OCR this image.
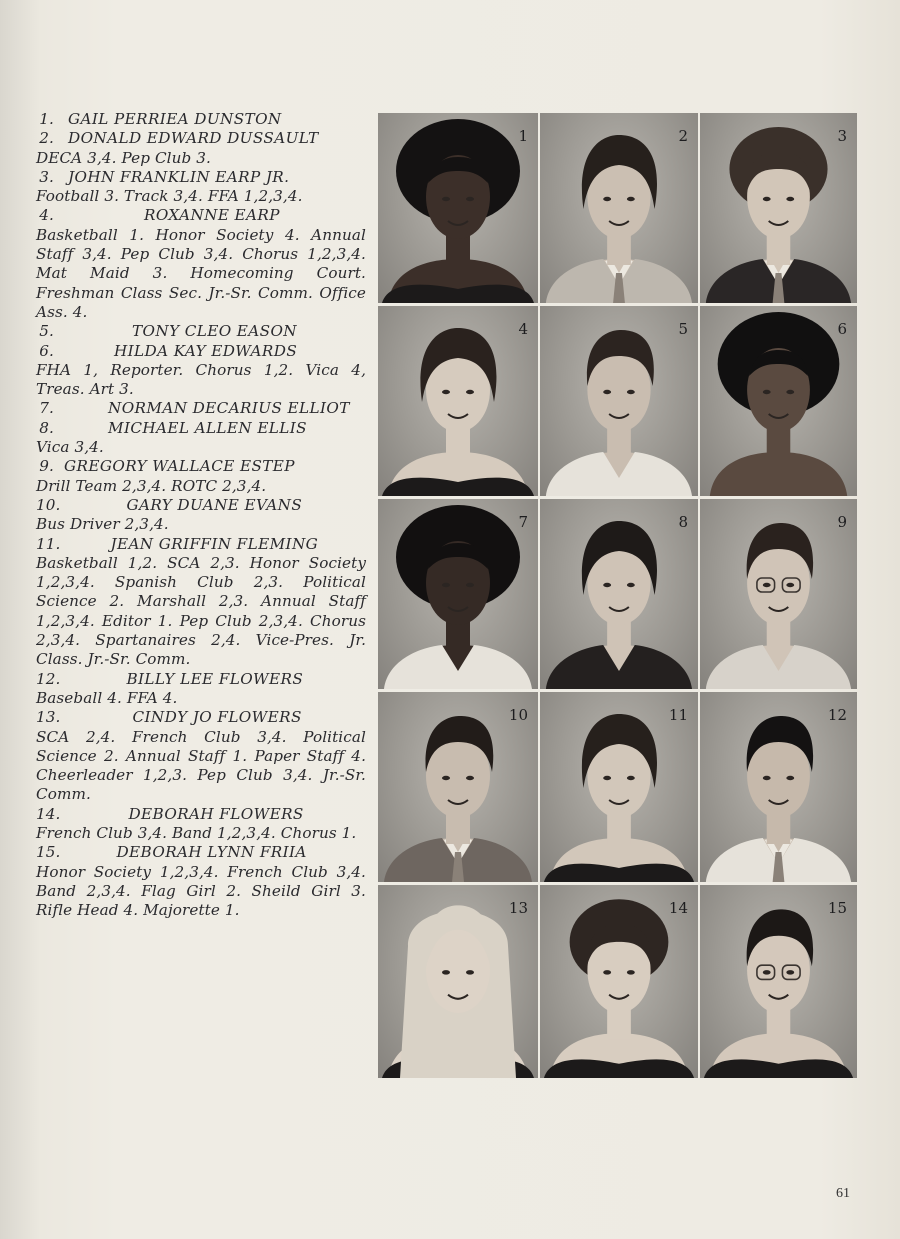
1. GAIL PERRIEA DUNSTON
2. DONALD EDWARD DUSSAULT
DECA 3,4. Pep Club 3.
3. JOHN FRANKLIN EARP JR.
Football 3. Track 3,4. FFA 1,2,3,4.
4.	ROXANNE EARP
Basketball 1. Honor Society 4. Annual Staff 3,4. Pep Club 3,4. Chorus 1,2,3,4. Mat Maid 3. Homecoming Court. Freshman Class Sec. Jr.-Sr. Comm. Office Ass. 4.
5.	TONY CLEO EASON
6.	HILDA KAY EDWARDS
FHA 1, Reporter. Chorus 1,2. Vica 4, Treas. Art 3.
7.	NORMAN DECARIUS ELLIOT
8.	MICHAEL ALLEN ELLIS
Vica 3,4.
9. GREGORY WALLACE ESTEP
Drill Team 2,3,4. ROTC 2,3,4.
10.	GARY DUANE EVANS
Bus Driver 2,3,4.
11.	JEAN GRIFFIN FLEMING
Basketball 1,2. SCA 2,3. Honor Society 1,2,3,4. Spanish Club 2,3. Political Science 2. Marshall 2,3. Annual Staff 1,2,3,4. Editor 1. Pep Club 2,3,4. Chorus 2,3,4. Spartanaires 2,4. Vice-Pres. Jr. Class. Jr.-Sr. Comm.
12.	BILLY LEE FLOWERS
Baseball 4. FFA 4.
13.	CINDY JO FLOWERS
SCA 2,4. French Club 3,4. Political Science 2. Annual Staff 1. Paper Staff 4. Cheerleader 1,2,3. Pep Club 3,4. Jr.-Sr. Comm.
14.	DEBORAH FLOWERS
French Club 3,4. Band 1,2,3,4. Chorus 1.
15.	DEBORAH LYNN FRIIA
Honor Society 1,2,3,4. French Club 3,4. Band 2,3,4. Flag Girl 2. Sheild Girl 3. Rifle Head 4. Majorette 1.
1	2	3
4	5	6
7	8	9
10	11	12
13	14	15
61
